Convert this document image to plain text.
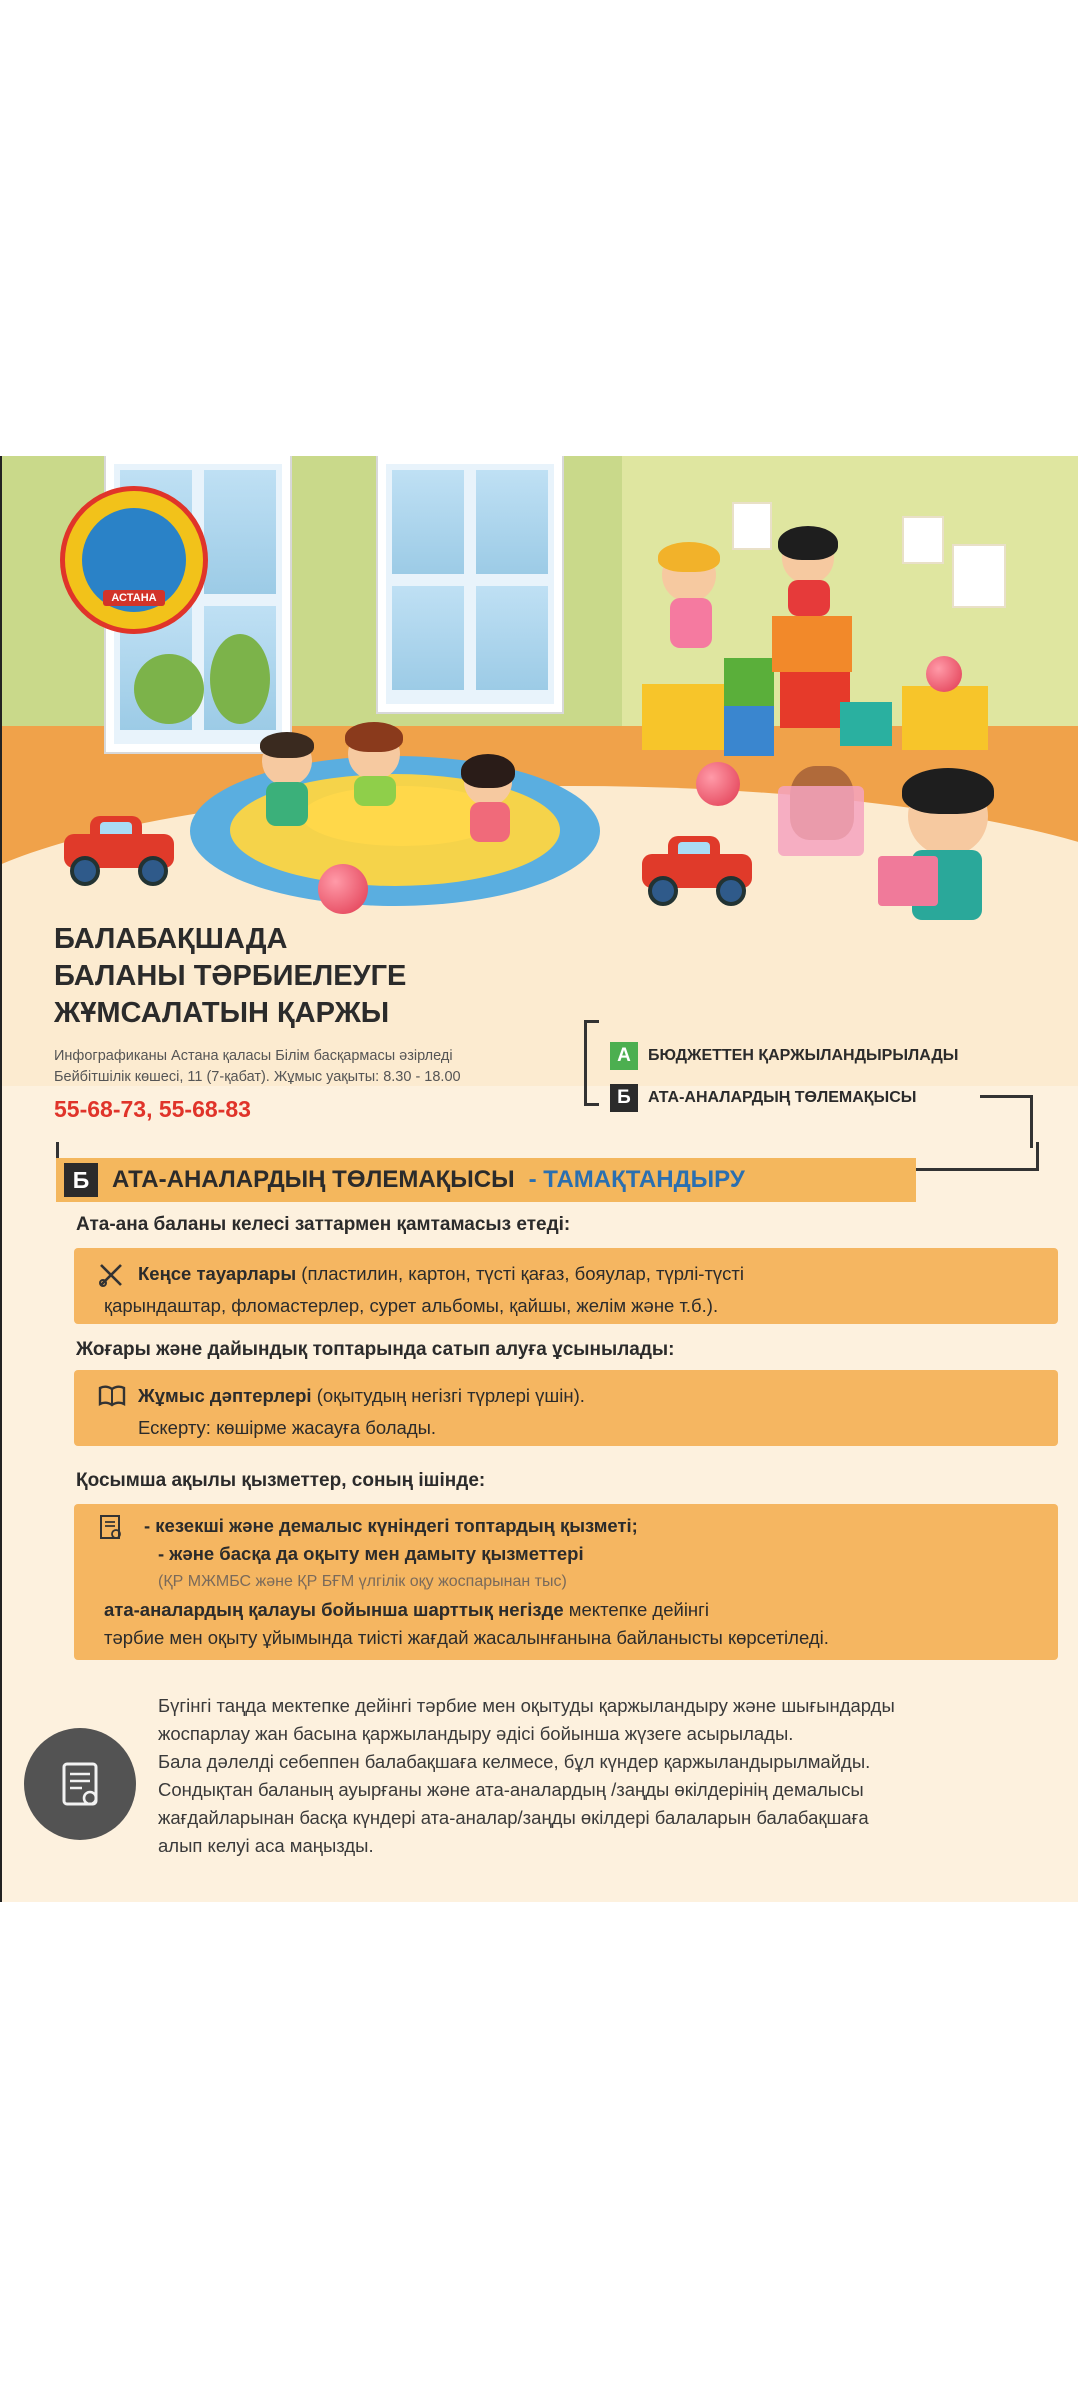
АСТАНА
БАЛАБАҚШАДА
БАЛАНЫ ТӘРБИЕЛЕУГЕ
ЖҰМСАЛАТЫН ҚАРЖЫ
Инфографиканы Астана қаласы Білім басқармасы әзірледі
Бейбітшілік көшесі, 11 (7-қабат). Жұмыс уақыты: 8.30 - 18.00
55-68-73, 55-68-83
А	БЮДЖЕТТЕН ҚАРЖЫЛАНДЫРЫЛАДЫ
Б	АТА-АНАЛАРДЫҢ ТӨЛЕМАҚЫСЫ
Б АТА-АНАЛАРДЫҢ ТӨЛЕМАҚЫСЫ - ТАМАҚТАНДЫРУ
Ата-ана баланы келесі заттармен қамтамасыз етеді:
Кеңсе тауарлары (пластилин, картон, түсті қағаз, бояулар, түрлі-түсті
қарындаштар, фломастерлер, сурет альбомы, қайшы, желім және т.б.).
Жоғары және дайындық топтарында сатып алуға ұсынылады:
Жұмыс дәптерлері (оқытудың негізгі түрлері үшін).
Ескерту: көшірме жасауға болады.
Қосымша ақылы қызметтер, соның ішінде:
- кезекші және демалыс күніндегі топтардың қызметі;
- және басқа да оқыту мен дамыту қызметтері
(ҚР МЖМБС және ҚР БҒМ үлгілік оқу жоспарынан тыс)
ата-аналардың қалауы бойынша шарттық негізде мектепке дейінгі
тәрбие мен оқыту ұйымында тиісті жағдай жасалынғанына байланысты көрсетіледі.
Бүгінгі таңда мектепке дейінгі тәрбие мен оқытуды қаржыландыру және шығындарды
жоспарлау жан басына қаржыландыру әдісі бойынша жүзеге асырылады.
Бала дәлелді себеппен балабақшаға келмесе, бұл күндер қаржыландырылмайды.
Сондықтан баланың ауырғаны және ата-аналардың /заңды өкілдерінің демалысы
жағдайларынан басқа күндері ата-аналар/заңды өкілдері балаларын балабақшаға
алып келуі аса маңызды.
